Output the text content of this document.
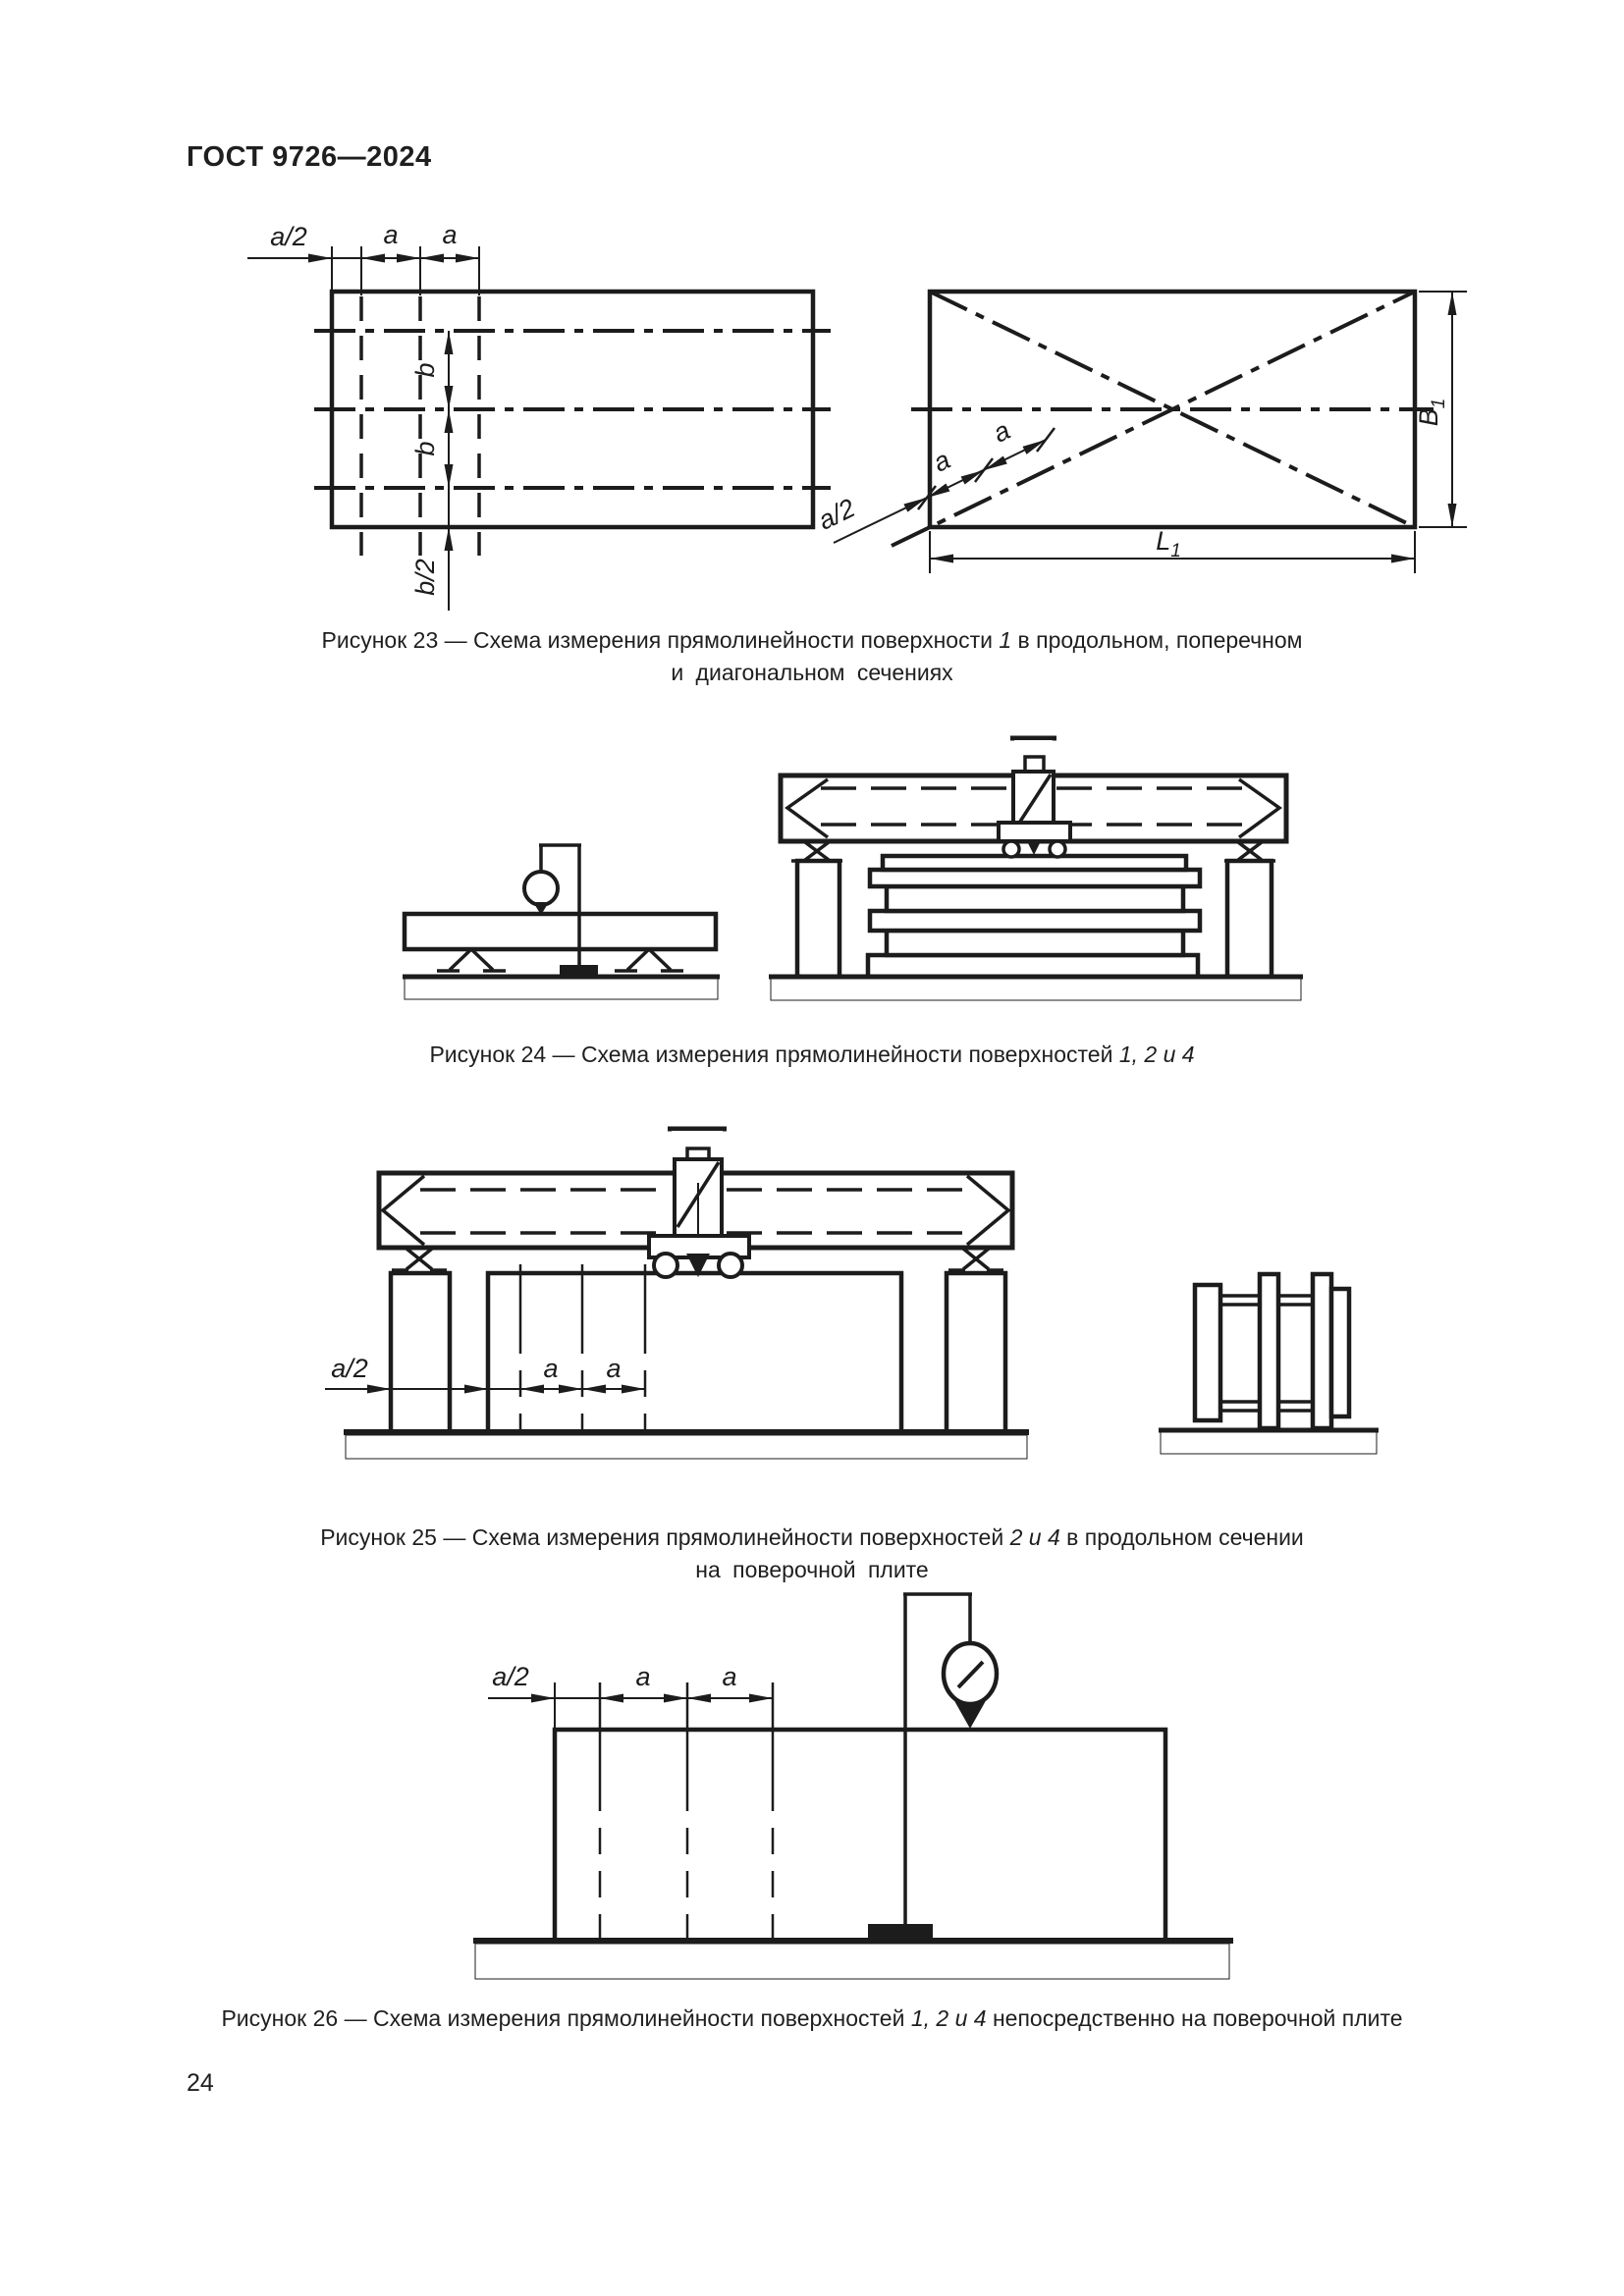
ГОСТ 9726—2024
a/2	a a
b
b
b/2
$B_1$
$L_1$
a/2
a
a
a/2	a a
a/2	a	a
Рисунок 23 — Схема измерения прямолинейности поверхности 1 в продольном, поперечном
и диагональном сечениях
Рисунок 24 — Схема измерения прямолинейности поверхностей 1, 2 и 4
Рисунок 25 — Схема измерения прямолинейности поверхностей 2 и 4 в продольном сечении
на поверочной плите
Рисунок 26 — Схема измерения прямолинейности поверхностей 1, 2 и 4 непосредственно на поверочной плите
24
